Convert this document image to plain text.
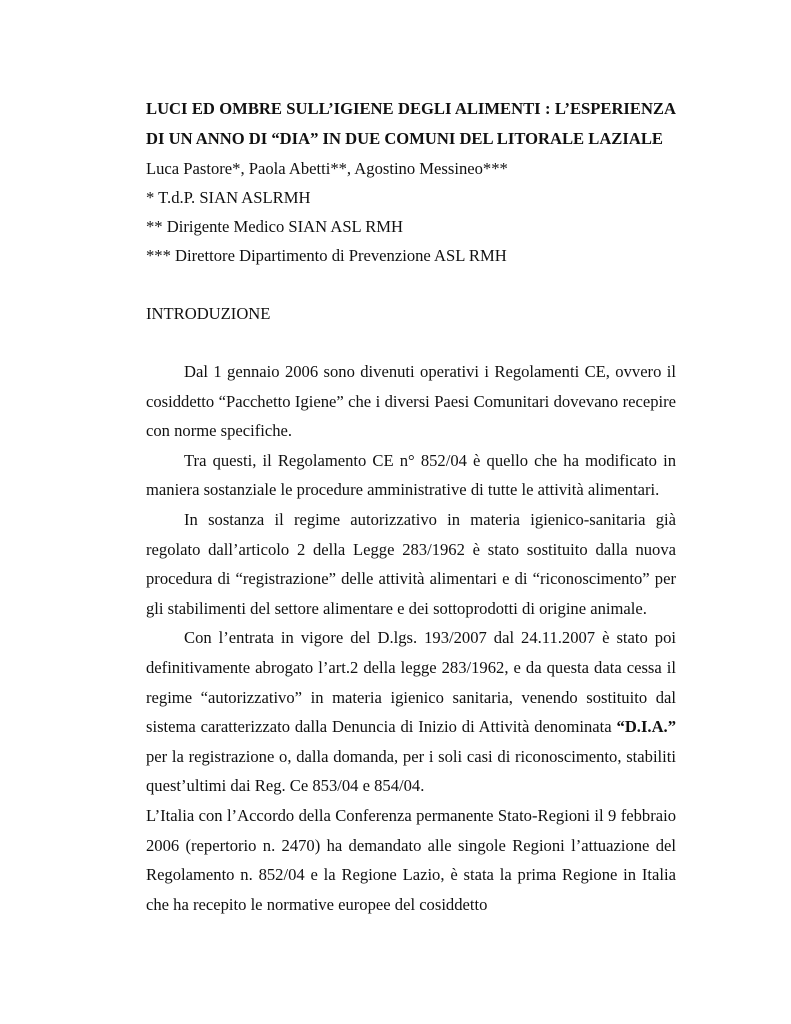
LUCI ED OMBRE SULL’IGIENE DEGLI ALIMENTI : L’ESPERIENZA
DI UN ANNO DI “DIA” IN DUE COMUNI DEL LITORALE LAZIALE
Luca Pastore*, Paola Abetti**, Agostino Messineo***
* T.d.P. SIAN ASLRMH
** Dirigente Medico SIAN ASL RMH
*** Direttore Dipartimento di Prevenzione ASL RMH
INTRODUZIONE

Dal 1 gennaio 2006 sono divenuti operativi i Regolamenti CE, ovvero il cosiddetto “Pacchetto Igiene” che i diversi Paesi Comunitari dovevano recepire con norme specifiche.

Tra questi, il Regolamento CE n° 852/04 è quello che ha modificato in maniera sostanziale le procedure amministrative di tutte le attività alimentari.

In sostanza il regime autorizzativo in materia igienico-sanitaria già regolato dall’articolo 2 della Legge 283/1962 è stato sostituito dalla nuova procedura di “registrazione” delle attività alimentari e di “riconoscimento” per gli stabilimenti del settore alimentare e dei sottoprodotti di origine animale.

Con l’entrata in vigore del D.lgs. 193/2007 dal 24.11.2007 è stato poi definitivamente abrogato l’art.2 della legge 283/1962, e da questa data cessa il regime “autorizzativo” in materia igienico sanitaria, venendo sostituito dal sistema caratterizzato dalla Denuncia di Inizio di Attività denominata “D.I.A.” per la registrazione o, dalla domanda, per i soli casi di riconoscimento, stabiliti quest’ultimi dai Reg. Ce 853/04 e 854/04.

L’Italia con l’Accordo della Conferenza permanente Stato-Regioni il 9 febbraio 2006 (repertorio n. 2470) ha demandato alle singole Regioni l’attuazione del Regolamento n. 852/04 e la Regione Lazio, è stata la prima Regione in Italia che ha recepito le normative europee del cosiddetto
